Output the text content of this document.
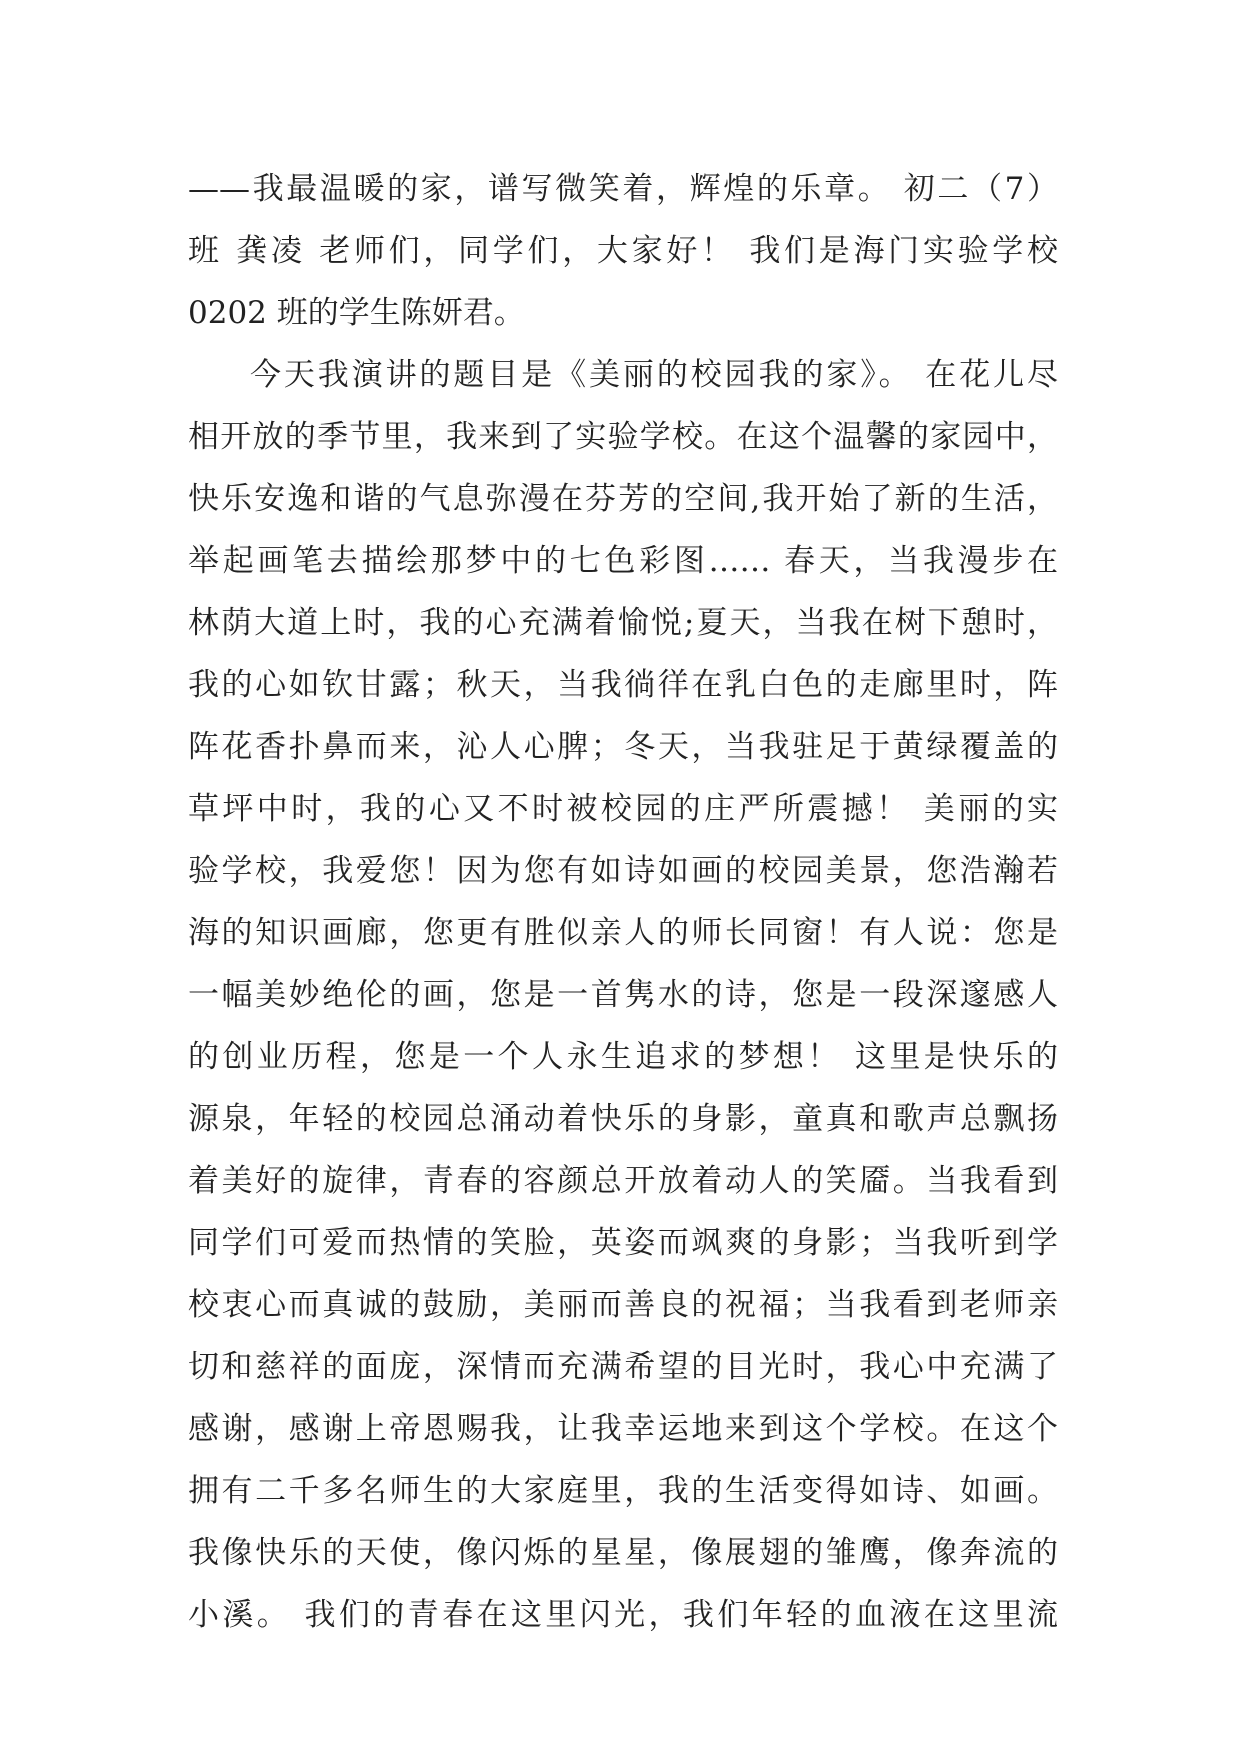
——我最温暖的家，谱写微笑着，辉煌的乐章。 初二（7）
班 龚凌 老师们，同学们，大家好！ 我们是海门实验学校
0202 班的学生陈妍君。
今天我演讲的题目是《美丽的校园我的家》。 在花儿尽
相开放的季节里，我来到了实验学校。在这个温馨的家园中，
快乐安逸和谐的气息弥漫在芬芳的空间,我开始了新的生活，
举起画笔去描绘那梦中的七色彩图…… 春天，当我漫步在
林荫大道上时，我的心充满着愉悦;夏天，当我在树下憩时，
我的心如钦甘露；秋天，当我徜徉在乳白色的走廊里时，阵
阵花香扑鼻而来，沁人心脾；冬天，当我驻足于黄绿覆盖的
草坪中时，我的心又不时被校园的庄严所震撼！ 美丽的实
验学校，我爱您！因为您有如诗如画的校园美景，您浩瀚若
海的知识画廊，您更有胜似亲人的师长同窗！有人说：您是
一幅美妙绝伦的画，您是一首隽水的诗，您是一段深邃感人
的创业历程，您是一个人永生追求的梦想！ 这里是快乐的
源泉，年轻的校园总涌动着快乐的身影，童真和歌声总飘扬
着美好的旋律，青春的容颜总开放着动人的笑靥。当我看到
同学们可爱而热情的笑脸，英姿而飒爽的身影；当我听到学
校衷心而真诚的鼓励，美丽而善良的祝福；当我看到老师亲
切和慈祥的面庞，深情而充满希望的目光时，我心中充满了
感谢，感谢上帝恩赐我，让我幸运地来到这个学校。在这个
拥有二千多名师生的大家庭里，我的生活变得如诗、如画。
我像快乐的天使，像闪烁的星星，像展翅的雏鹰，像奔流的
小溪。 我们的青春在这里闪光，我们年轻的血液在这里流
